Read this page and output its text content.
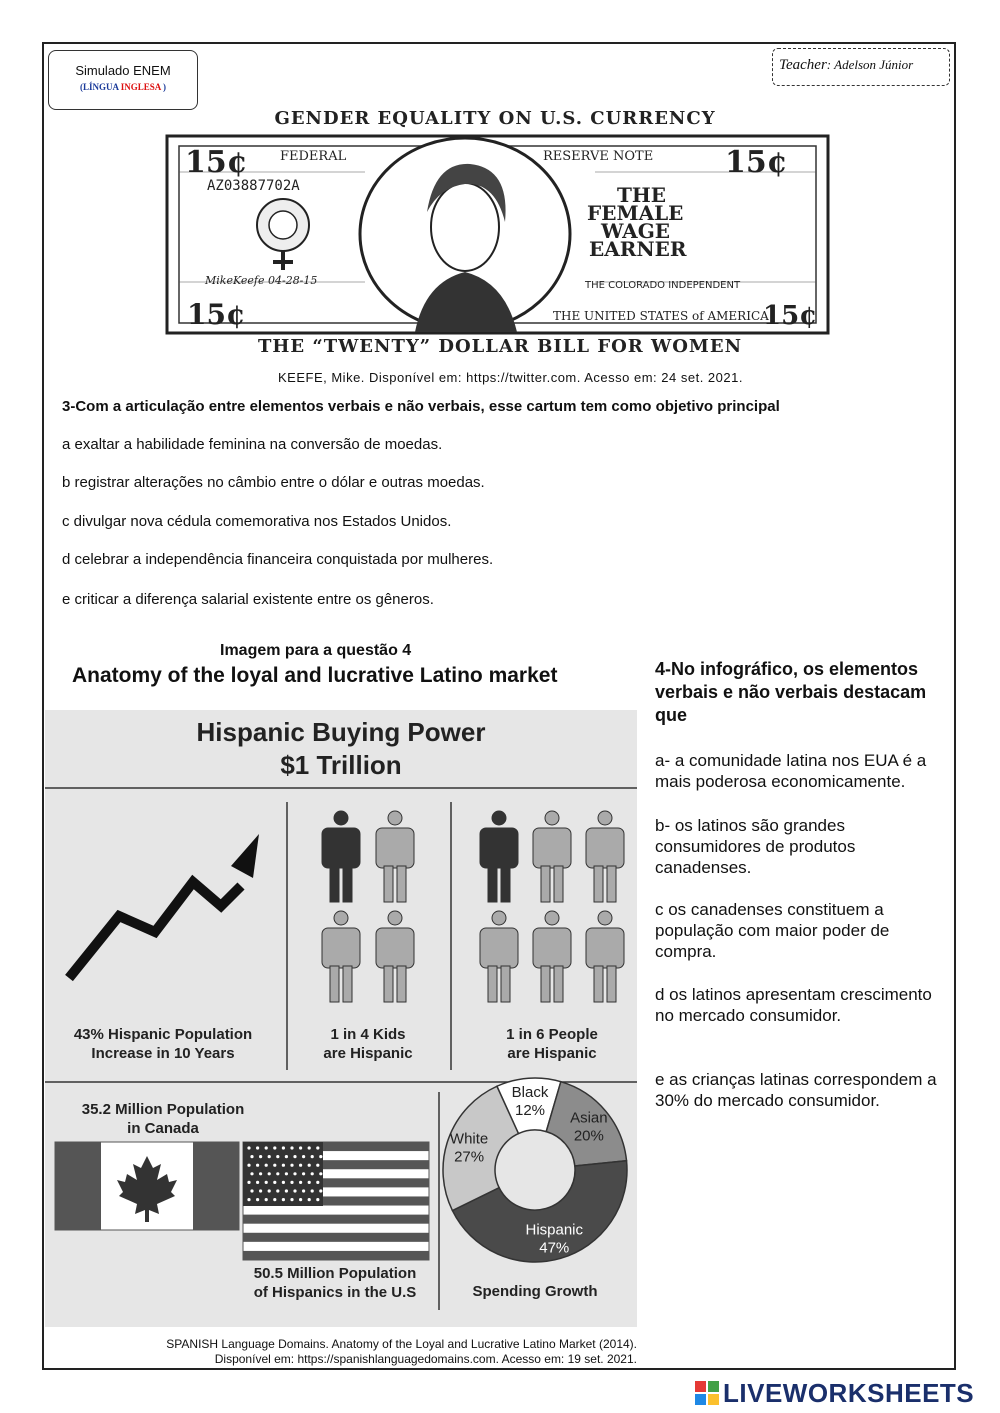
Simulado ENEM
(LÍNGUA INGLESA )
Teacher: Adelson Júnior
GENDER EQUALITY ON U.S. CURRENCY
15¢	15¢
15¢	15¢
FEDERAL	RESERVE NOTE
AZ03887702A
MikeKeefe 04-28-15
THE
FEMALE
WAGE
EARNER
THE COLORADO INDEPENDENT
THE UNITED STATES of AMERICA
THE “TWENTY” DOLLAR BILL FOR WOMEN
KEEFE, Mike. Disponível em: https://twitter.com. Acesso em: 24 set. 2021.
3-Com a articulação entre elementos verbais e não verbais, esse cartum tem como objetivo principal
a exaltar a habilidade feminina na conversão de moedas.
b registrar alterações no câmbio entre o dólar e outras moedas.
c divulgar nova cédula comemorativa nos Estados Unidos.
d celebrar a independência financeira conquistada por mulheres.
e criticar a diferença salarial existente entre os gêneros.
Imagem para a questão 4
Anatomy of the loyal and lucrative Latino market
Hispanic Buying Power
$1 Trillion
43% Hispanic Population
Increase in 10 Years
1 in 4 Kids
are Hispanic
1 in 6 People
are Hispanic
35.2 Million Population
in Canada
50.5 Million Population
of Hispanics in the U.S
Black
12% Asian
20%
Hispanic
47%
White
27%
Spending Growth
4-No infográfico, os elementos verbais e não verbais destacam que
a- a comunidade latina nos EUA é a mais poderosa economicamente.
b- os latinos são grandes consumidores de produtos canadenses.
c os canadenses constituem a população com maior poder de compra.
d os latinos apresentam crescimento no mercado consumidor.
e as crianças latinas correspondem a 30% do mercado consumidor.
SPANISH Language Domains. Anatomy of the Loyal and Lucrative Latino Market (2014).
Disponível em: https://spanishlanguagedomains.com. Acesso em: 19 set. 2021.
LIVEWORKSHEETS
